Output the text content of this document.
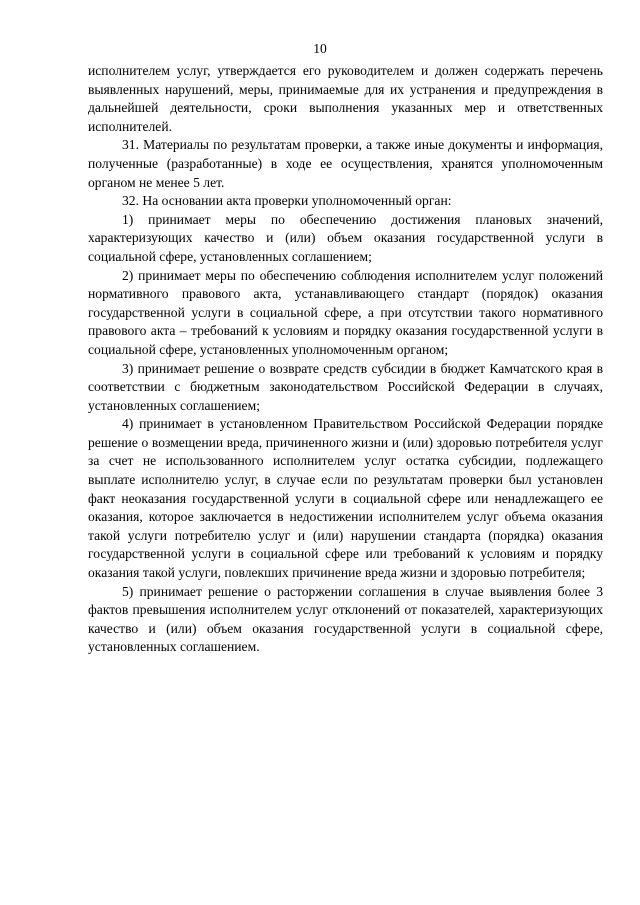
10

исполнителем услуг, утверждается его руководителем и должен содержать перечень выявленных нарушений, меры, принимаемые для их устранения и предупреждения в дальнейшей деятельности, сроки выполнения указанных мер и ответственных исполнителей.

31. Материалы по результатам проверки, а также иные документы и информация, полученные (разработанные) в ходе ее осуществления, хранятся уполномоченным органом не менее 5 лет.

32. На основании акта проверки уполномоченный орган:

1) принимает меры по обеспечению достижения плановых значений, характеризующих качество и (или) объем оказания государственной услуги в социальной сфере, установленных соглашением;

2) принимает меры по обеспечению соблюдения исполнителем услуг положений нормативного правового акта, устанавливающего стандарт (порядок) оказания государственной услуги в социальной сфере, а при отсутствии такого нормативного правового акта – требований к условиям и порядку оказания государственной услуги в социальной сфере, установленных уполномоченным органом;

3) принимает решение о возврате средств субсидии в бюджет Камчатского края в соответствии с бюджетным законодательством Российской Федерации в случаях, установленных соглашением;

4) принимает в установленном Правительством Российской Федерации порядке решение о возмещении вреда, причиненного жизни и (или) здоровью потребителя услуг за счет не использованного исполнителем услуг остатка субсидии, подлежащего выплате исполнителю услуг, в случае если по результатам проверки был установлен факт неоказания государственной услуги в социальной сфере или ненадлежащего ее оказания, которое заключается в недостижении исполнителем услуг объема оказания такой услуги потребителю услуг и (или) нарушении стандарта (порядка) оказания государственной услуги в социальной сфере или требований к условиям и порядку оказания такой услуги, повлекших причинение вреда жизни и здоровью потребителя;

5) принимает решение о расторжении соглашения в случае выявления более 3 фактов превышения исполнителем услуг отклонений от показателей, характеризующих качество и (или) объем оказания государственной услуги в социальной сфере, установленных соглашением.
